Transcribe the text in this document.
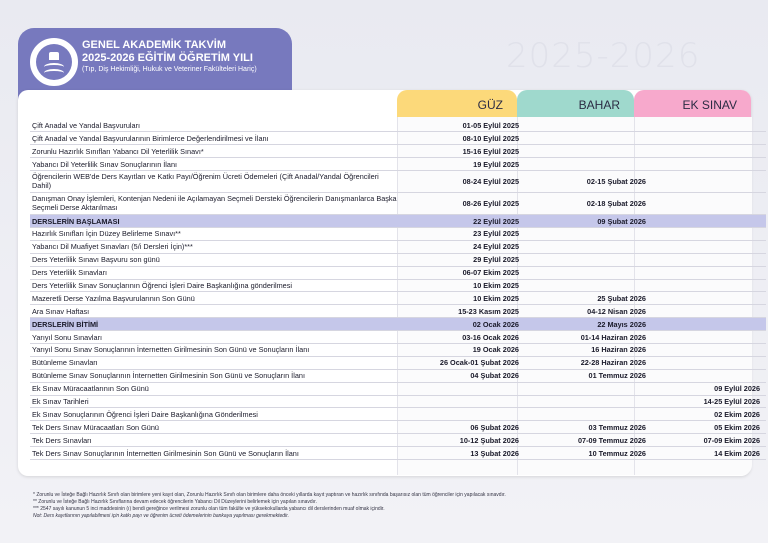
2025-2026
GENEL AKADEMİK TAKVİM
2025-2026 EĞİTİM ÖĞRETİM YILI
(Tıp, Diş Hekimliği, Hukuk ve Veteriner Fakülteleri Hariç)
GÜZ	BAHAR	EK SINAV
Çift Anadal ve Yandal Başvuruları	01-05 Eylül 2025		
Çift Anadal ve Yandal Başvurularının Birimlerce Değerlendirilmesi ve İlanı	08-10 Eylül 2025		
Zorunlu Hazırlık Sınıfları Yabancı Dil Yeterlilik Sınavı*	15-16 Eylül 2025		
Yabancı Dil Yeterlilik Sınav Sonuçlarının İlanı	19 Eylül 2025		
Öğrencilerin WEB'de Ders Kayıtları ve Katkı Payı/Öğrenim Ücreti Ödemeleri (Çift Anadal/Yandal Öğrencileri Dahil)	08-24 Eylül 2025	02-15 Şubat 2026	
Danışman Onay İşlemleri, Kontenjan Nedeni ile Açılamayan Seçmeli Dersteki Öğrencilerin Danışmanlarca Başka Seçmeli Derse Aktarılması	08-26 Eylül 2025	02-18 Şubat 2026	
DERSLERİN BAŞLAMASI	22 Eylül 2025	09 Şubat 2026	
Hazırlık Sınıfları İçin Düzey Belirleme Sınavı**	23 Eylül 2025		
Yabancı Dil Muafiyet Sınavları (5/i Dersleri İçin)***	24 Eylül 2025		
Ders Yeterlilik Sınavı Başvuru son günü	29 Eylül 2025		
Ders Yeterlilik Sınavları	06-07 Ekim 2025		
Ders Yeterlilik Sınav Sonuçlarının Öğrenci İşleri Daire Başkanlığına gönderilmesi	10 Ekim 2025		
Mazeretli Derse Yazılma Başvurularının Son Günü	10 Ekim 2025	25 Şubat 2026	
Ara Sınav Haftası	15-23 Kasım 2025	04-12 Nisan 2026	
DERSLERİN BİTİMİ	02 Ocak 2026	22 Mayıs 2026	
Yarıyıl Sonu Sınavları	03-16 Ocak 2026	01-14 Haziran 2026	
Yarıyıl Sonu Sınav Sonuçlarının İnternetten Girilmesinin Son Günü ve Sonuçların İlanı	19 Ocak 2026	16 Haziran 2026	
Bütünleme Sınavları	26 Ocak-01 Şubat 2026	22-28 Haziran 2026	
Bütünleme Sınav Sonuçlarının İnternetten Girilmesinin Son Günü ve Sonuçların İlanı	04 Şubat 2026	01 Temmuz 2026	
Ek Sınav Müracaatlarının Son Günü			09 Eylül 2026
Ek Sınav Tarihleri			14-25 Eylül 2026
Ek Sınav Sonuçlarının Öğrenci İşleri Daire Başkanlığına Gönderilmesi			02 Ekim 2026
Tek Ders Sınav Müracaatları Son Günü	06 Şubat 2026	03 Temmuz 2026	05 Ekim 2026
Tek Ders Sınavları	10-12 Şubat 2026	07-09 Temmuz 2026	07-09 Ekim 2026
Tek Ders Sınav Sonuçlarının İnternetten Girilmesinin Son Günü ve Sonuçların İlanı	13 Şubat 2026	10 Temmuz 2026	14 Ekim 2026
* Zorunlu ve İsteğe Bağlı Hazırlık Sınıfı olan birimlere yeni kayıt olan, Zorunlu Hazırlık Sınıfı olan birimlere daha önceki yıllarda kayıt yaptıran ve hazırlık sınıfında başarısız olan tüm öğrenciler için yapılacak sınavdır.
** Zorunlu ve İsteğe Bağlı Hazırlık Sınıflarına devam edecek öğrencilerin Yabancı Dil Düzeylerini belirlemek için yapılan sınavdır.
*** 2547 sayılı kanunun 5 inci maddesinin (ı) bendi gereğince verilmesi zorunlu olan tüm fakülte ve yüksekokullarda yabancı dil derslerinden muaf olmak içindir.
Not: Ders kayıtlarının yapılabilmesi için katkı payı ve öğrenim ücreti ödemelerinin bankaya yapılması gerekmektedir.
